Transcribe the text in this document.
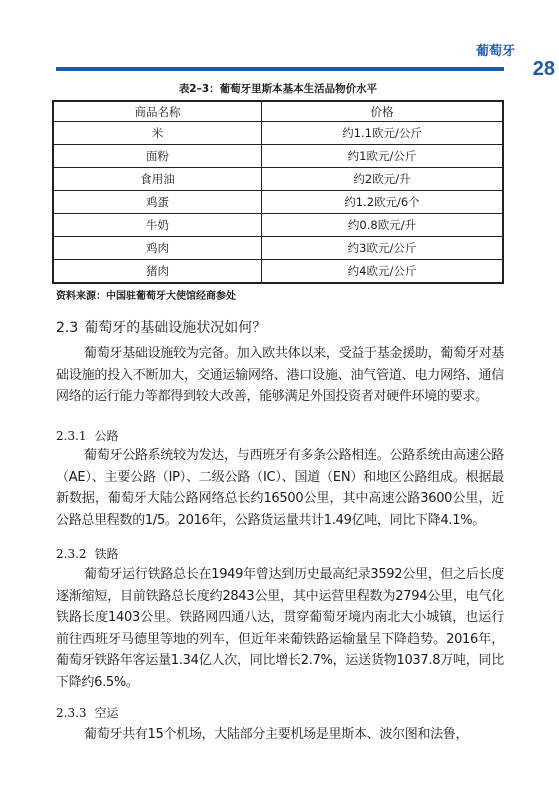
葡萄牙
28
表2–3：葡萄牙里斯本基本生活品物价水平
商品名称	价格
米	约1.1欧元/公斤
面粉	约1欧元/公斤
食用油	约2欧元/升
鸡蛋	约1.2欧元/6个
牛奶	约0.8欧元/升
鸡肉	约3欧元/公斤
猪肉	约4欧元/公斤
资料来源：中国驻葡萄牙大使馆经商参处
2.3 葡萄牙的基础设施状况如何？

葡萄牙基础设施较为完备。加入欧共体以来，受益于基金援助，葡萄牙对基础设施的投入不断加大，交通运输网络、港口设施、油气管道、电力网络、通信网络的运行能力等都得到较大改善，能够满足外国投资者对硬件环境的要求。

2.3.1 公路

葡萄牙公路系统较为发达，与西班牙有多条公路相连。公路系统由高速公路（AE）、主要公路（IP）、二级公路（IC）、国道（EN）和地区公路组成。根据最新数据，葡萄牙大陆公路网络总长约16500公里，其中高速公路3600公里，近公路总里程数的1/5。2016年，公路货运量共计1.49亿吨，同比下降4.1%。

2.3.2 铁路

葡萄牙运行铁路总长在1949年曾达到历史最高纪录3592公里，但之后长度逐渐缩短，目前铁路总长度约2843公里，其中运营里程数为2794公里，电气化铁路长度1403公里。铁路网四通八达，贯穿葡萄牙境内南北大小城镇，也运行前往西班牙马德里等地的列车，但近年来葡铁路运输量呈下降趋势。2016年，葡萄牙铁路年客运量1.34亿人次，同比增长2.7%，运送货物1037.8万吨，同比下降约6.5%。

2.3.3 空运

葡萄牙共有15个机场，大陆部分主要机场是里斯本、波尔图和法鲁，
